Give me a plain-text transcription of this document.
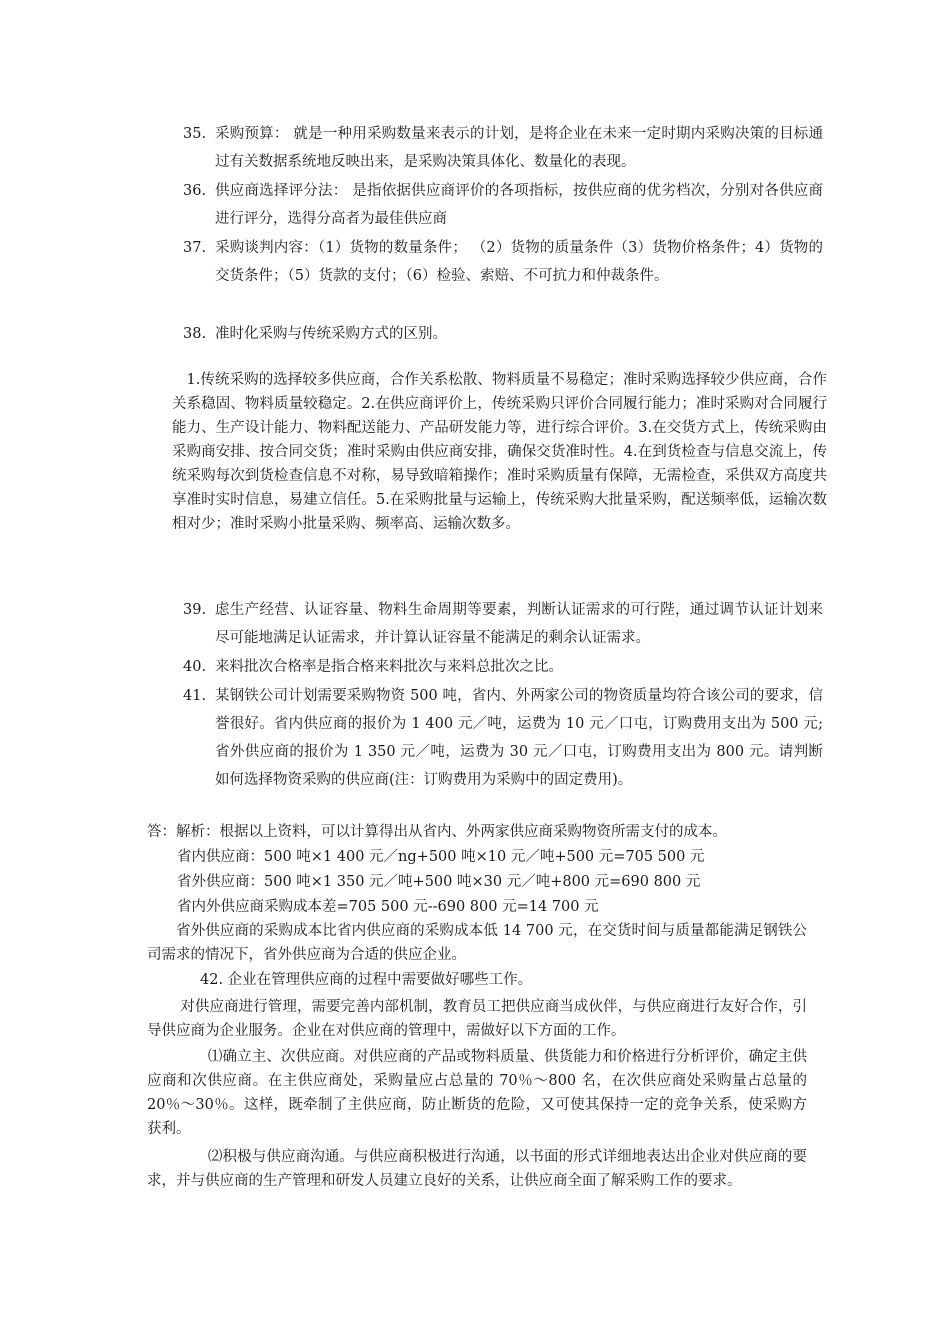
35. 采购预算： 就是一种用采购数量来表示的计划，是将企业在未来一定时期内采购决策的目标通过有关数据系统地反映出来，是采购决策具体化、数量化的表现。
36. 供应商选择评分法： 是指依据供应商评价的各项指标，按供应商的优劣档次，分别对各供应商进行评分，选得分高者为最佳供应商
37. 采购谈判内容：（1）货物的数量条件； （2）货物的质量条件（3）货物价格条件；4）货物的交货条件；（5）货款的支付；（6）检验、索赔、不可抗力和仲裁条件。
38. 准时化采购与传统采购方式的区别。
1.传统采购的选择较多供应商，合作关系松散、物料质量不易稳定；准时采购选择较少供应商，合作关系稳固、物料质量较稳定。2.在供应商评价上，传统采购只评价合同履行能力；准时采购对合同履行能力、生产设计能力、物料配送能力、产品研发能力等，进行综合评价。3.在交货方式上，传统采购由采购商安排、按合同交货；准时采购由供应商安排，确保交货准时性。4.在到货检查与信息交流上，传统采购每次到货检查信息不对称，易导致暗箱操作；准时采购质量有保障，无需检查，采供双方高度共享准时实时信息，易建立信任。5.在采购批量与运输上，传统采购大批量采购，配送频率低，运输次数相对少；准时采购小批量采购、频率高、运输次数多。
39. 虑生产经营、认证容量、物料生命周期等要素，判断认证需求的可行陛，通过调节认证计划来尽可能地满足认证需求，并计算认证容量不能满足的剩余认证需求。
40. 来料批次合格率是指合格来料批次与来料总批次之比。
41. 某钢铁公司计划需要采购物资 500 吨，省内、外两家公司的物资质量均符合该公司的要求，信誉很好。省内供应商的报价为 1 400 元／吨，运费为 10 元／口屯，订购费用支出为 500 元;省外供应商的报价为 1 350 元／吨，运费为 30 元／口屯，订购费用支出为 800 元。请判断如何选择物资采购的供应商(注：订购费用为采购中的固定费用)。
答：解析：根据以上资料，可以计算得出从省内、外两家供应商采购物资所需支付的成本。
省内供应商：500 吨×1 400 元／ng+500 吨×10 元／吨+500 元=705 500 元
省外供应商：500 吨×1 350 元／吨+500 吨×30 元／吨+800 元=690 800 元
省内外供应商采购成本差=705 500 元--690 800 元=14 700 元
省外供应商的采购成本比省内供应商的采购成本低 14 700 元，在交货时间与质量都能满足钢铁公司需求的情况下，省外供应商为合适的供应企业。
42. 企业在管理供应商的过程中需要做好哪些工作。
对供应商进行管理，需要完善内部机制，教育员工把供应商当成伙伴，与供应商进行友好合作，引导供应商为企业服务。企业在对供应商的管理中，需做好以下方面的工作。
⑴确立主、次供应商。对供应商的产品或物料质量、供货能力和价格进行分析评价，确定主供应商和次供应商。在主供应商处，采购量应占总量的 70％～800 名，在次供应商处采购量占总量的 20％～30％。这样，既牵制了主供应商，防止断货的危险，又可使其保持一定的竞争关系，使采购方获利。
⑵积极与供应商沟通。与供应商积极进行沟通，以书面的形式详细地表达出企业对供应商的要求，并与供应商的生产管理和研发人员建立良好的关系，让供应商全面了解采购工作的要求。
